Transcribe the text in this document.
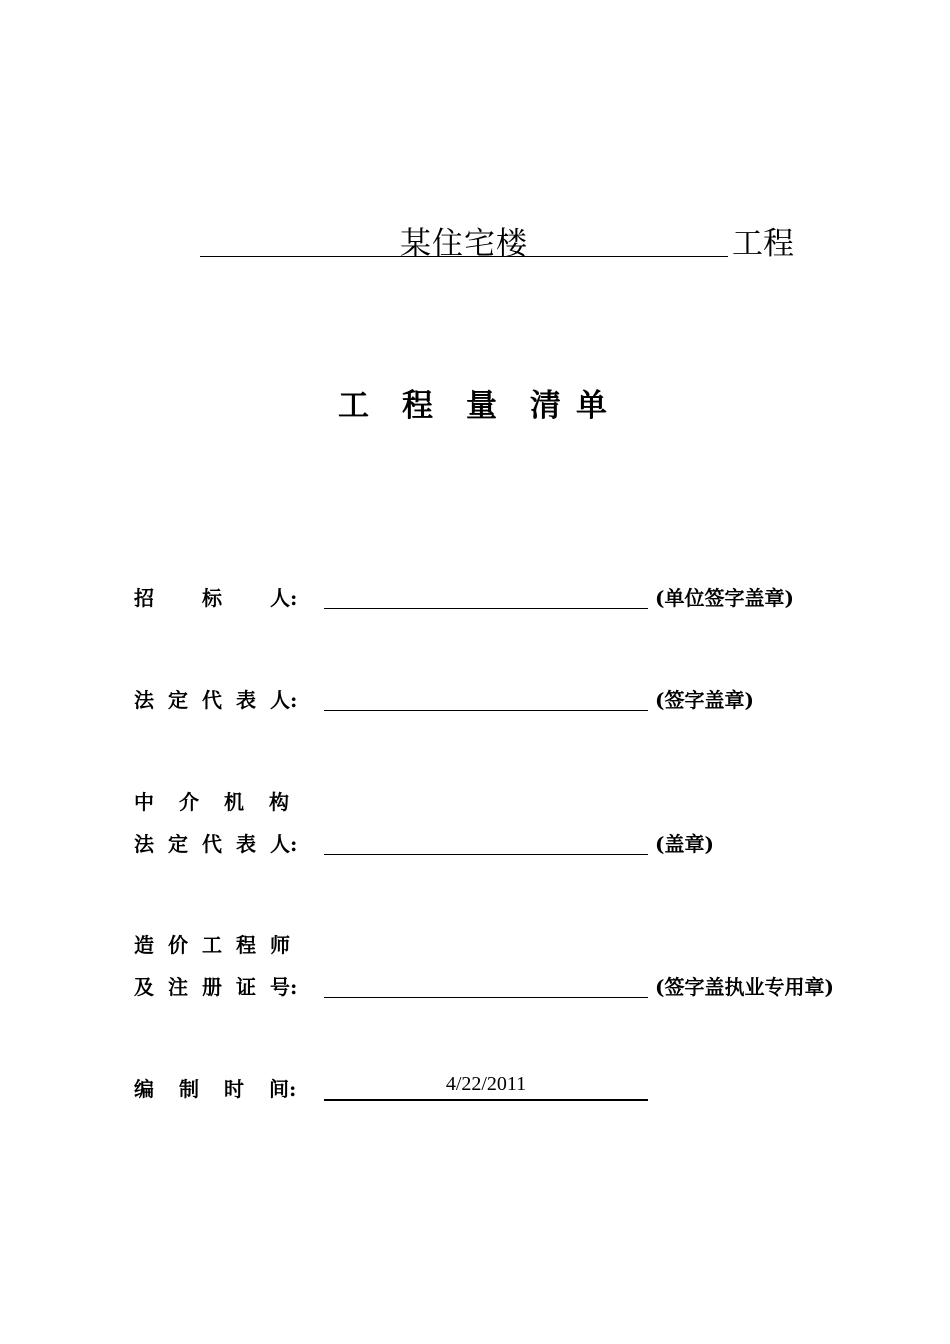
某住宅楼	工程
工 程 量 清 单
招 标 人:	(单位签字盖章)
法 定 代 表 人:	(签字盖章)
中 介 机 构
法 定 代 表 人:	(盖章)
造 价 工 程 师
及 注 册 证 号:	(签字盖执业专用章)
编 制 时 间:	4/22/2011
